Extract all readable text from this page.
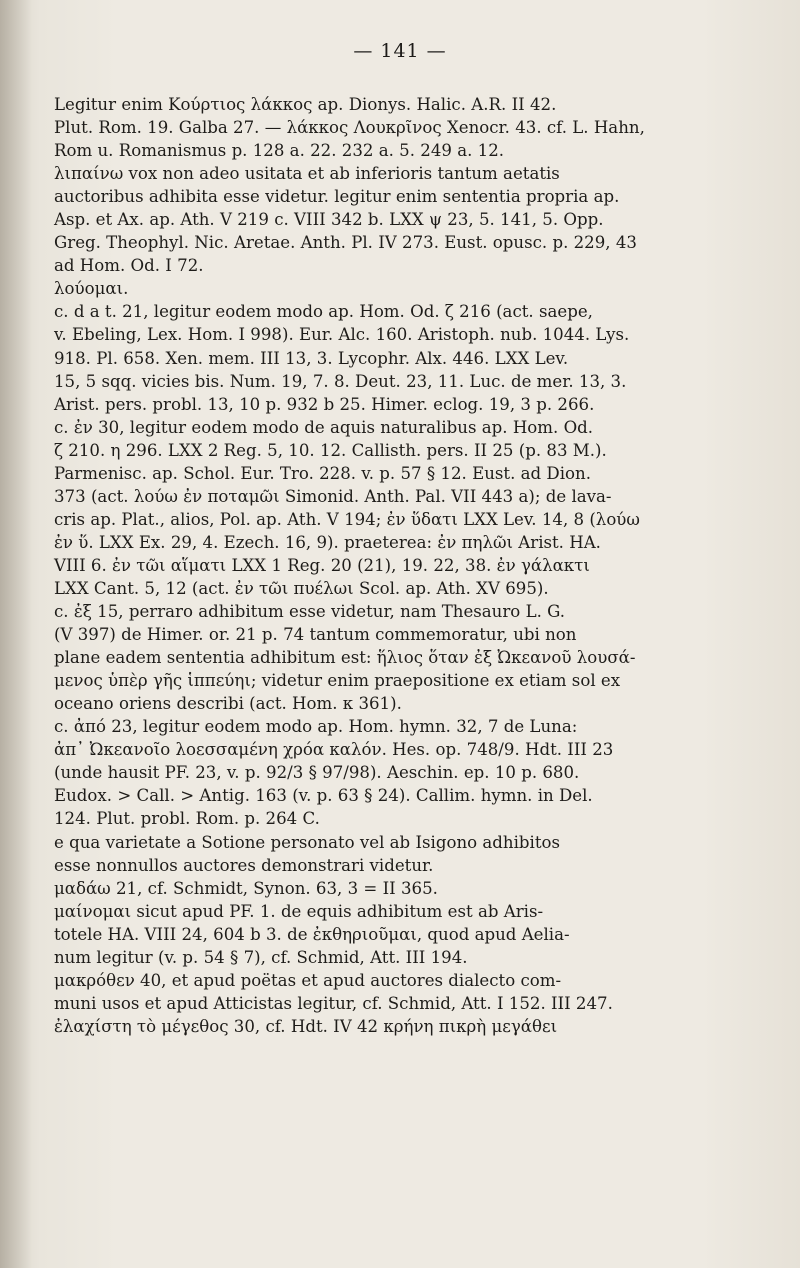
— 141 —
Legitur enim Κούρτιος λάκκος ap. Dionys. Halic. A.R. II 42.
Plut. Rom. 19. Galba 27. — λάκκος Λουκρῖνος Xenocr. 43. cf. L. Hahn,
Rom u. Romanismus p. 128 a. 22. 232 a. 5. 249 a. 12.
λιπαίνω vox non adeo usitata et ab inferioris tantum aetatis
auctoribus adhibita esse videtur. legitur enim sententia propria ap.
Asp. et Ax. ap. Ath. V 219 c. VIII 342 b. LXX ψ 23, 5. 141, 5. Opp.
Greg. Theophyl. Nic. Aretae. Anth. Pl. IV 273. Eust. opusc. p. 229, 43
ad Hom. Od. I 72.
λούομαι.
c. d a t. 21, legitur eodem modo ap. Hom. Od. ζ 216 (act. saepe,
v. Ebeling, Lex. Hom. I 998). Eur. Alc. 160. Aristoph. nub. 1044. Lys.
918. Pl. 658. Xen. mem. III 13, 3. Lycophr. Alx. 446. LXX Lev.
15, 5 sqq. vicies bis. Num. 19, 7. 8. Deut. 23, 11. Luc. de mer. 13, 3.
Arist. pers. probl. 13, 10 p. 932 b 25. Himer. eclog. 19, 3 p. 266.
c. ἐν 30, legitur eodem modo de aquis naturalibus ap. Hom. Od.
ζ 210. η 296. LXX 2 Reg. 5, 10. 12. Callisth. pers. II 25 (p. 83 M.).
Parmenisc. ap. Schol. Eur. Tro. 228. v. p. 57 § 12. Eust. ad Dion.
373 (act. λούω ἐν ποταμῶι Simonid. Anth. Pal. VII 443 a); de lava-
cris ap. Plat., alios, Pol. ap. Ath. V 194; ἐν ὕδατι LXX Lev. 14, 8 (λούω
ἐν ὕ. LXX Ex. 29, 4. Ezech. 16, 9). praeterea: ἐν πηλῶι Arist. HA.
VIII 6. ἐν τῶι αἵματι LXX 1 Reg. 20 (21), 19. 22, 38. ἐν γάλακτι
LXX Cant. 5, 12 (act. ἐν τῶι πυέλωι Scol. ap. Ath. XV 695).
c. ἐξ 15, perraro adhibitum esse videtur, nam Thesauro L. G.
(V 397) de Himer. or. 21 p. 74 tantum commemoratur, ubi non
plane eadem sententia adhibitum est: ἥλιος ὅταν ἐξ Ὠκεανοῦ λουσά-
μενος ὑπὲρ γῆς ἱππεύηι; videtur enim praepositione ex etiam sol ex
oceano oriens describi (act. Hom. κ 361).
c. ἀπό 23, legitur eodem modo ap. Hom. hymn. 32, 7 de Luna:
ἀπ᾽ Ὠκεανοῖο λοεσσαμένη χρόα καλόν. Hes. op. 748/9. Hdt. III 23
(unde hausit PF. 23, v. p. 92/3 § 97/98). Aeschin. ep. 10 p. 680.
Eudox. > Call. > Antig. 163 (v. p. 63 § 24). Callim. hymn. in Del.
124. Plut. probl. Rom. p. 264 C.
e qua varietate a Sotione personato vel ab Isigono adhibitos
esse nonnullos auctores demonstrari videtur.
μαδάω 21, cf. Schmidt, Synon. 63, 3 = II 365.
μαίνομαι sicut apud PF. 1. de equis adhibitum est ab Aris-
totele HA. VIII 24, 604 b 3. de ἐκθηριοῦμαι, quod apud Aelia-
num legitur (v. p. 54 § 7), cf. Schmid, Att. III 194.
μακρόθεν 40, et apud poëtas et apud auctores dialecto com-
muni usos et apud Atticistas legitur, cf. Schmid, Att. I 152. III 247.
ἐλαχίστη τὸ μέγεθος 30, cf. Hdt. IV 42 κρήνη πικρὴ μεγάθει
